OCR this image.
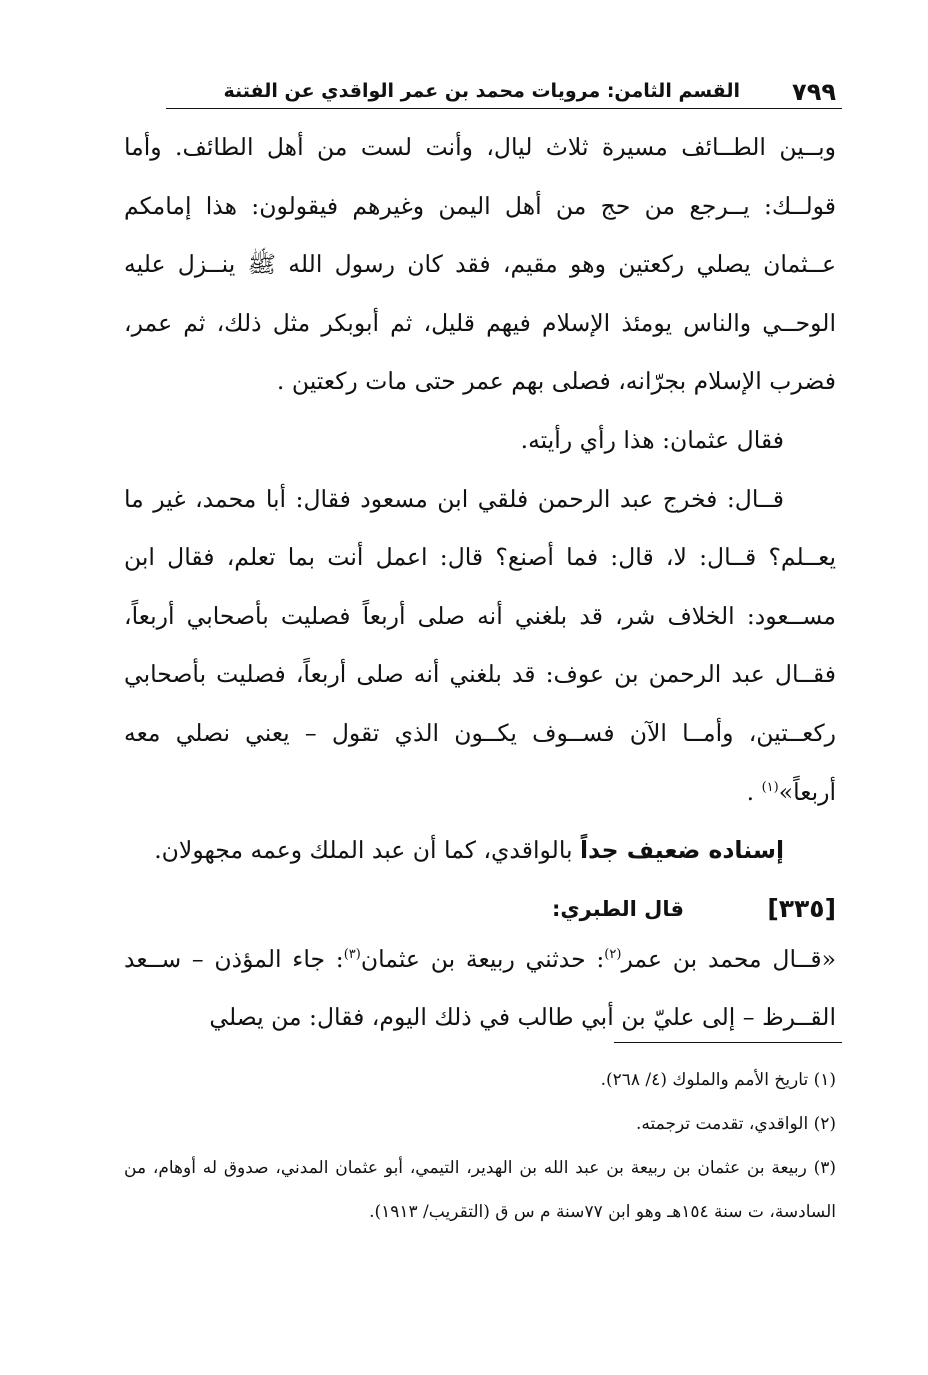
٧٩٩
القسم الثامن: مرويات محمد بن عمر الواقدي عن الفتنة

وبــين الطــائف مسيرة ثلاث ليال، وأنت لست من أهل الطائف. وأما قولــك: يــرجع من حج من أهل اليمن وغيرهم فيقولون: هذا إمامكم عــثمان يصلي ركعتين وهو مقيم، فقد كان رسول الله ﷺ ينــزل عليه الوحــي والناس يومئذ الإسلام فيهم قليل، ثم أبوبكر مثل ذلك، ثم عمر، فضرب الإسلام بجرّانه، فصلى بهم عمر حتى مات ركعتين .

فقال عثمان: هذا رأي رأيته.

قــال: فخرج عبد الرحمن فلقي ابن مسعود فقال: أبا محمد، غير ما يعــلم؟ قــال: لا، قال: فما أصنع؟ قال: اعمل أنت بما تعلم، فقال ابن مســعود: الخلاف شر، قد بلغني أنه صلى أربعاً فصليت بأصحابي أربعاً، فقــال عبد الرحمن بن عوف: قد بلغني أنه صلى أربعاً، فصليت بأصحابي ركعــتين، وأمــا الآن فســوف يكــون الذي تقول – يعني نصلي معه أربعاً»$^{(١)}$ .

إسناده ضعيف جداً بالواقدي، كما أن عبد الملك وعمه مجهولان.

[٣٣٥]
قال الطبري:

«قــال محمد بن عمر$^{(٢)}$: حدثني ربيعة بن عثمان$^{(٣)}$: جاء المؤذن – ســعد القــرظ – إلى عليّ بن أبي طالب في ذلك اليوم، فقال: من يصلي

(١) تاريخ الأمم والملوك (٤/ ٢٦٨).

(٢) الواقدي، تقدمت ترجمته.

(٣) ربيعة بن عثمان بن ربيعة بن عبد الله بن الهدير، التيمي، أبو عثمان المدني، صدوق له أوهام، من السادسة، ت سنة ١٥٤هـ وهو ابن ٧٧سنة م س ق (التقريب/ ١٩١٣).
